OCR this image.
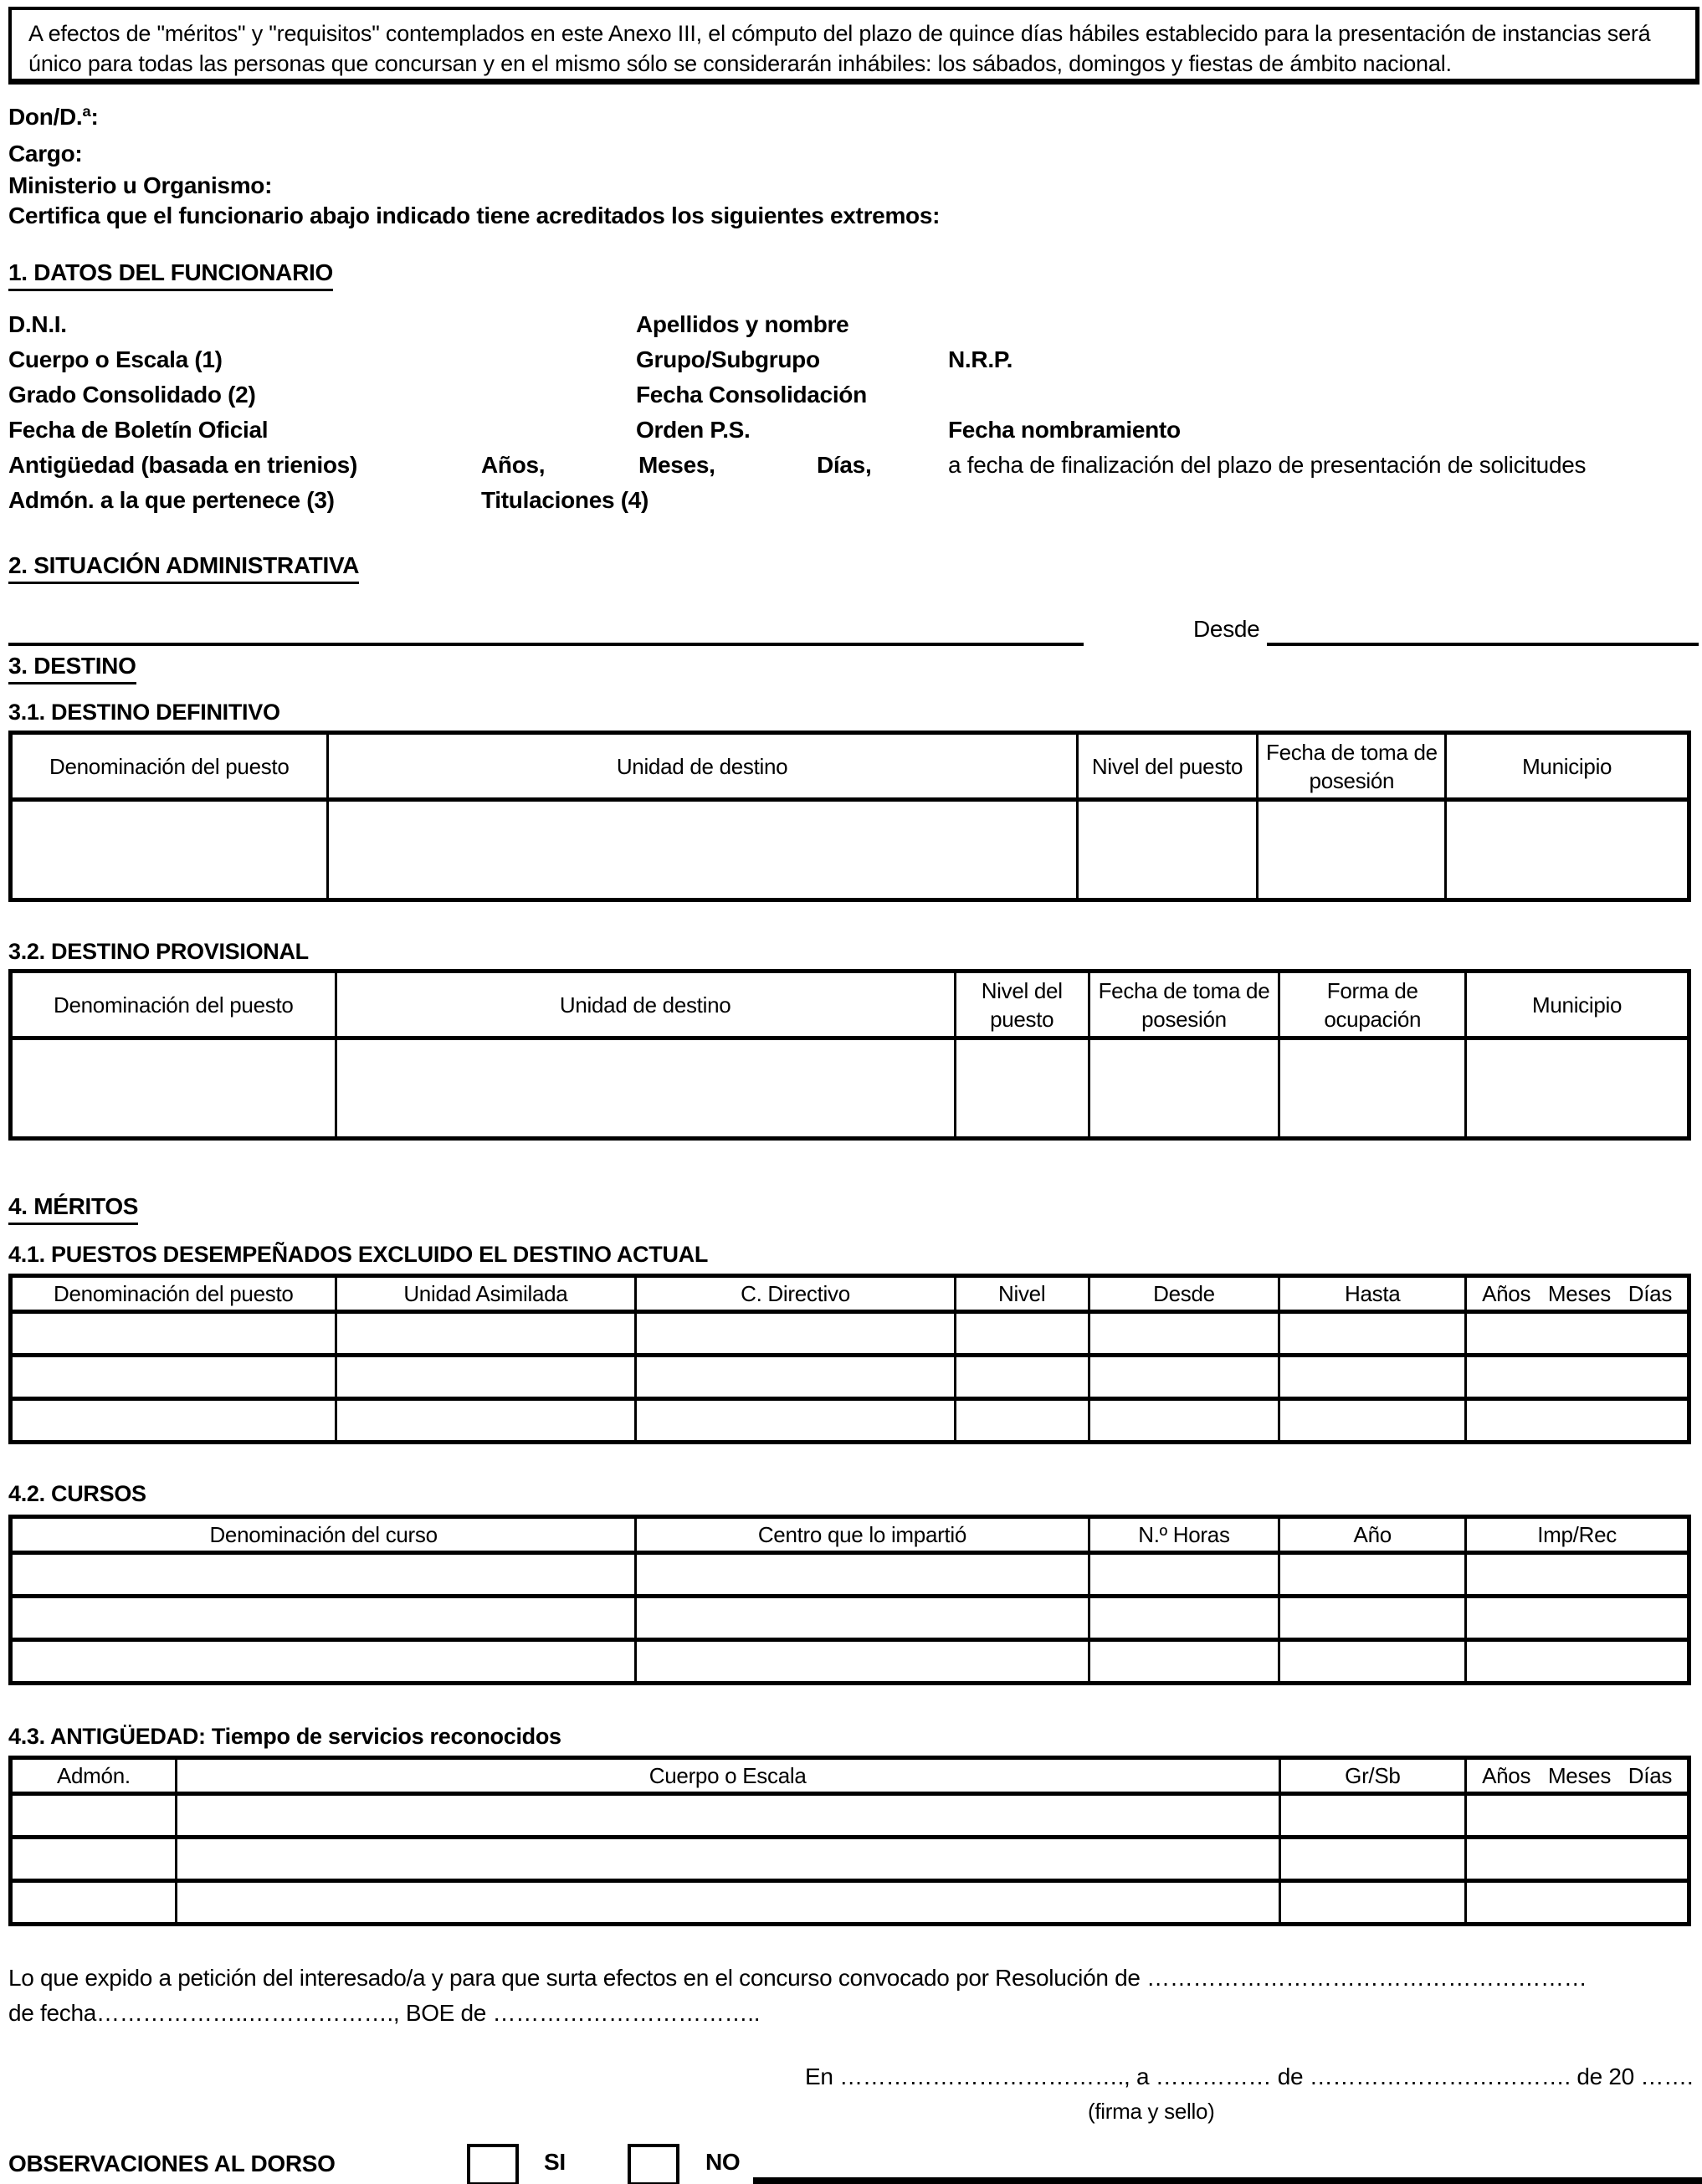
A efectos de "méritos" y "requisitos" contemplados en este Anexo III, el cómputo del plazo de quince días hábiles establecido para la presentación de instancias será
único para todas las personas que concursan y en el mismo sólo se considerarán inhábiles: los sábados, domingos y fiestas de ámbito nacional.
Don/D.ª:
Cargo:
Ministerio u Organismo:
Certifica que el funcionario abajo indicado tiene acreditados los siguientes extremos:
1. DATOS DEL FUNCIONARIO
D.N.I.	Apellidos y nombre
Cuerpo o Escala (1)	Grupo/Subgrupo	N.R.P.
Grado Consolidado (2)	Fecha Consolidación
Fecha de Boletín Oficial	Orden P.S.	Fecha nombramiento
Antigüedad (basada en trienios)	Años,	Meses,	Días,	a fecha de finalización del plazo de presentación de solicitudes
Admón. a la que pertenece (3)	Titulaciones (4)
2. SITUACIÓN ADMINISTRATIVA
Desde
3. DESTINO
3.1. DESTINO DEFINITIVO
Denominación del puesto	Unidad de destino	Nivel del puesto	Fecha de toma de posesión	Municipio

3.2. DESTINO PROVISIONAL
Denominación del puesto	Unidad de destino	Nivel del puesto	Fecha de toma de posesión	Forma de ocupación	Municipio

4. MÉRITOS
4.1. PUESTOS DESEMPEÑADOS EXCLUIDO EL DESTINO ACTUAL
Denominación del puesto	Unidad Asimilada	C. Directivo	Nivel	Desde	Hasta	Años   Meses   Días

4.2. CURSOS
Denominación del curso	Centro que lo impartió	N.º Horas	Año	Imp/Rec

4.3. ANTIGÜEDAD: Tiempo de servicios reconocidos
Admón.	Cuerpo o Escala	Gr/Sb	Años   Meses   Días

Lo que expido a petición del interesado/a y para que surta efectos en el concurso convocado por Resolución de …………………………………………………
de fecha………………..………………., BOE de ……………………………..
En ………………………………., a …………… de ……………………………. de 20 …….
(firma y sello)
OBSERVACIONES AL DORSO	SI	NO
